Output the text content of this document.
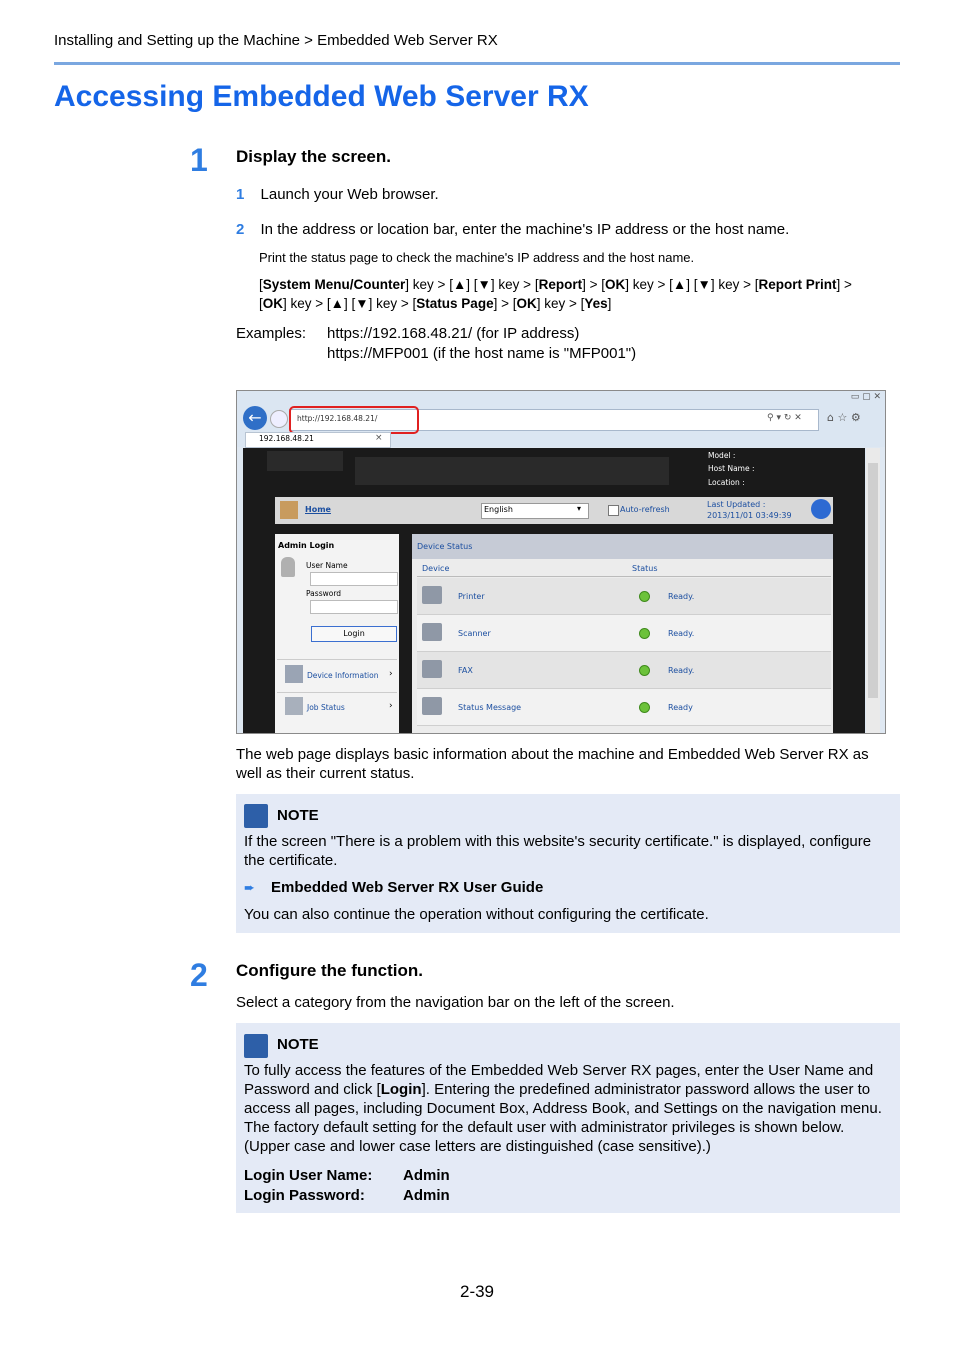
Installing and Setting up the Machine > Embedded Web Server RX
Accessing Embedded Web Server RX
1 Display the screen.
1 Launch your Web browser.
2 In the address or location bar, enter the machine's IP address or the host name.
Print the status page to check the machine's IP address and the host name.
[System Menu/Counter] key > [▲] [▼] key > [Report] > [OK] key > [▲] [▼] key > [Report Print] >
[OK] key > [▲] [▼] key > [Status Page] > [OK] key > [Yes]
Examples: https://192.168.48.21/ (for IP address)
https://MFP001 (if the host name is "MFP001")
▭ ▢ ✕
←	http://192.168.48.21/	⚲ ▾ ↻ ✕ ⌂ ☆ ⚙
192.168.48.21	×
Model :
Host Name :
Location :
Home	English	▾	Auto-refresh
Last Updated :
2013/11/01 03:49:39
Admin Login
User Name
Password
Login
Device Information ›
Job Status	›
Device Status
Device	Status
Printer	Ready.
Scanner	Ready.
FAX	Ready.
Status Message	Ready
The web page displays basic information about the machine and Embedded Web Server RX as well as their current status.
NOTE
If the screen "There is a problem with this website's security certificate." is displayed, configure the certificate.
➨ Embedded Web Server RX User Guide
You can also continue the operation without configuring the certificate.
2 Configure the function.
Select a category from the navigation bar on the left of the screen.
NOTE
To fully access the features of the Embedded Web Server RX pages, enter the User Name and Password and click [Login]. Entering the predefined administrator password allows the user to access all pages, including Document Box, Address Book, and Settings on the navigation menu. The factory default setting for the default user with administrator privileges is shown below. (Upper case and lower case letters are distinguished (case sensitive).)
Login User Name: Admin
Login Password:	Admin
2-39
